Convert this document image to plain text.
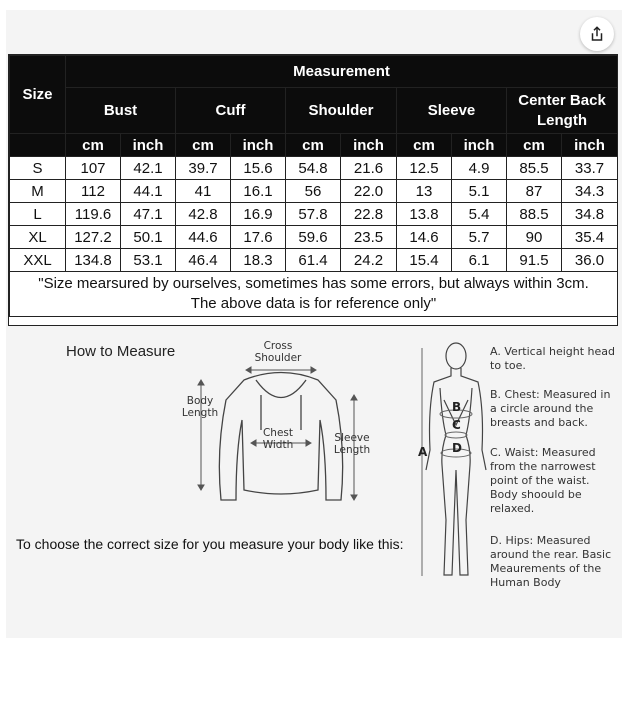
Size	Measurement									
	Bust		Cuff		Shoulder		Sleeve		Center Back Length	
	cm	inch	cm	inch	cm	inch	cm	inch	cm	inch
S	107	42.1	39.7	15.6	54.8	21.6	12.5	4.9	85.5	33.7
M	112	44.1	41	16.1	56	22.0	13	5.1	87	34.3
L	119.6	47.1	42.8	16.9	57.8	22.8	13.8	5.4	88.5	34.8
XL	127.2	50.1	44.6	17.6	59.6	23.5	14.6	5.7	90	35.4
XXL	134.8	53.1	46.4	18.3	61.4	24.2	15.4	6.1	91.5	36.0

"Size mearsured by ourselves, sometimes has some errors, but always within 3cm.
The above data is for reference only"										
How to Measure	Cross Shoulder
Body Length
Chest Width
Sleeve Length
To choose the correct size for you measure your body like this:
A
B
C
D
A. Vertical height head to toe.
B. Chest: Measured in a circle around the breasts and back.
C. Waist: Measured from the narrowest point of the waist. Body shoould be relaxed.
D. Hips: Measured around the rear. Basic Meaurements of the Human Body
